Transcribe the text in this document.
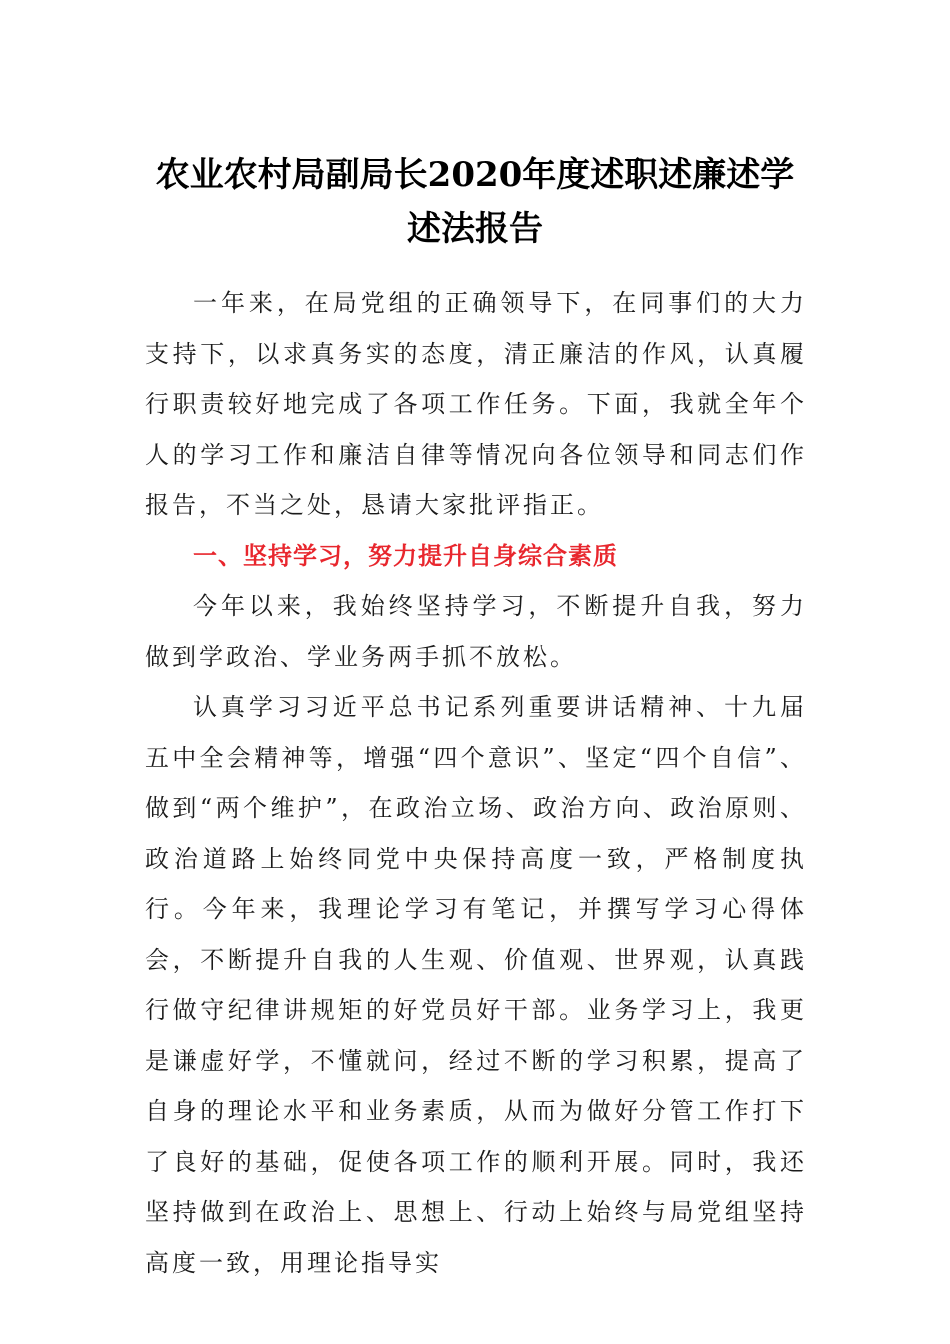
农业农村局副局长2020年度述职述廉述学
述法报告

一年来，在局党组的正确领导下，在同事们的大力支持下，以求真务实的态度，清正廉洁的作风，认真履行职责较好地完成了各项工作任务。下面，我就全年个人的学习工作和廉洁自律等情况向各位领导和同志们作报告，不当之处，恳请大家批评指正。

一、坚持学习，努力提升自身综合素质

今年以来，我始终坚持学习，不断提升自我，努力做到学政治、学业务两手抓不放松。

认真学习习近平总书记系列重要讲话精神、十九届五中全会精神等，增强“四个意识”、坚定“四个自信”、做到“两个维护”，在政治立场、政治方向、政治原则、政治道路上始终同党中央保持高度一致，严格制度执行。今年来，我理论学习有笔记，并撰写学习心得体会，不断提升自我的人生观、价值观、世界观，认真践行做守纪律讲规矩的好党员好干部。业务学习上，我更是谦虚好学，不懂就问，经过不断的学习积累，提高了自身的理论水平和业务素质，从而为做好分管工作打下了良好的基础，促使各项工作的顺利开展。同时，我还坚持做到在政治上、思想上、行动上始终与局党组坚持高度一致，用理论指导实
